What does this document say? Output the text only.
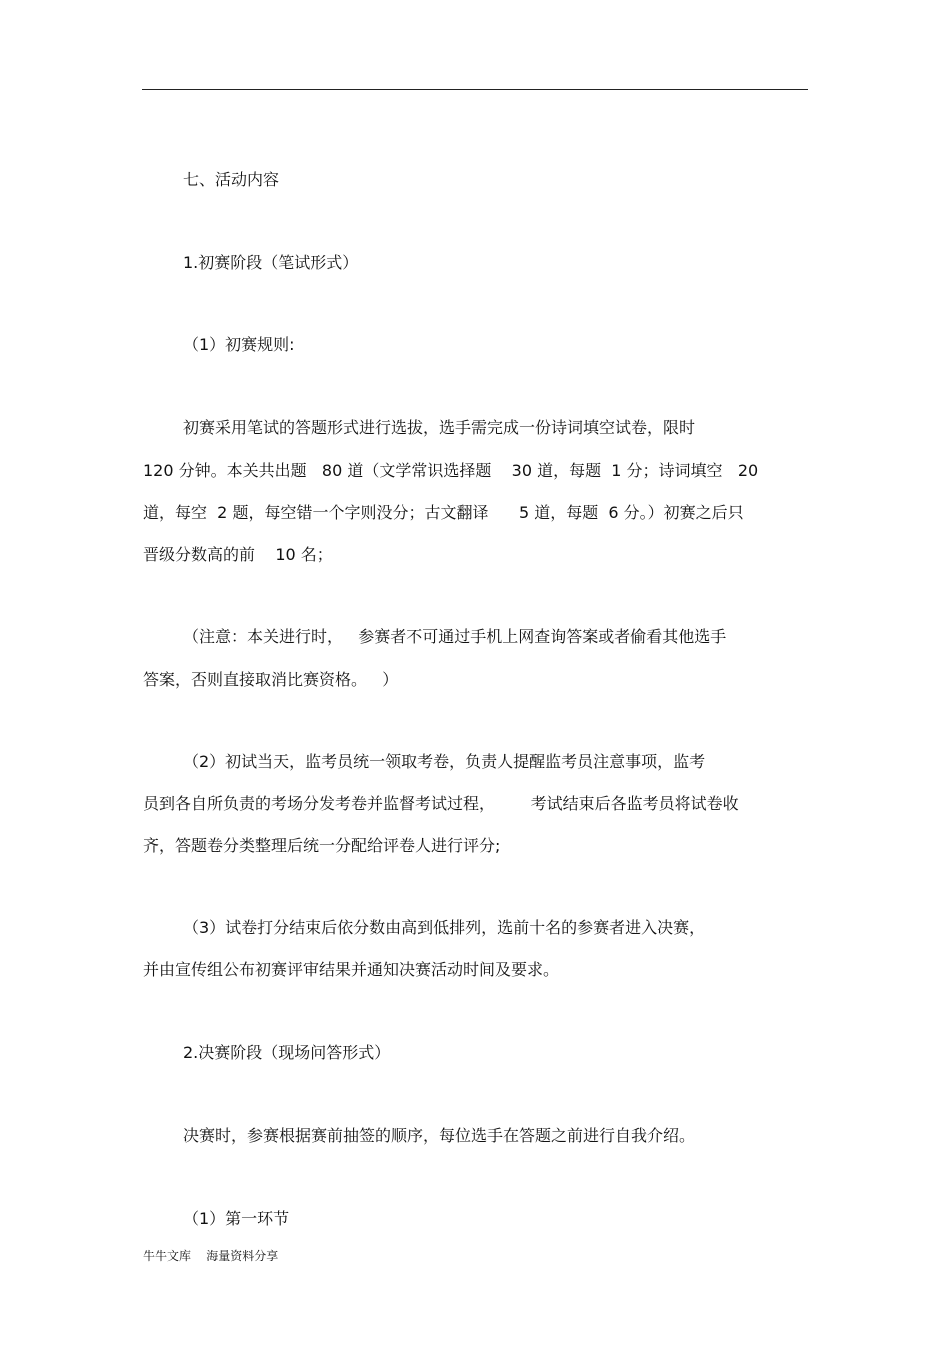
七、活动内容
1.初赛阶段（笔试形式）
（1）初赛规则:
初赛采用笔试的答题形式进行选拔，选手需完成一份诗词填空试卷，限时
120 分钟。本关共出题   80 道（文学常识选择题    30 道，每题  1 分；诗词填空   20
道，每空  2 题，每空错一个字则没分；古文翻译      5 道，每题  6 分。）初赛之后只
晋级分数高的前    10 名；
（注意：本关进行时，   参赛者不可通过手机上网查询答案或者偷看其他选手
答案，否则直接取消比赛资格。   ）
（2）初试当天，监考员统一领取考卷，负责人提醒监考员注意事项，监考
员到各自所负责的考场分发考卷并监督考试过程，       考试结束后各监考员将试卷收
齐，答题卷分类整理后统一分配给评卷人进行评分;
（3）试卷打分结束后依分数由高到低排列，选前十名的参赛者进入决赛，
并由宣传组公布初赛评审结果并通知决赛活动时间及要求。
2.决赛阶段（现场问答形式）
决赛时，参赛根据赛前抽签的顺序，每位选手在答题之前进行自我介绍。
（1）第一环节
牛牛文库    海量资料分享
